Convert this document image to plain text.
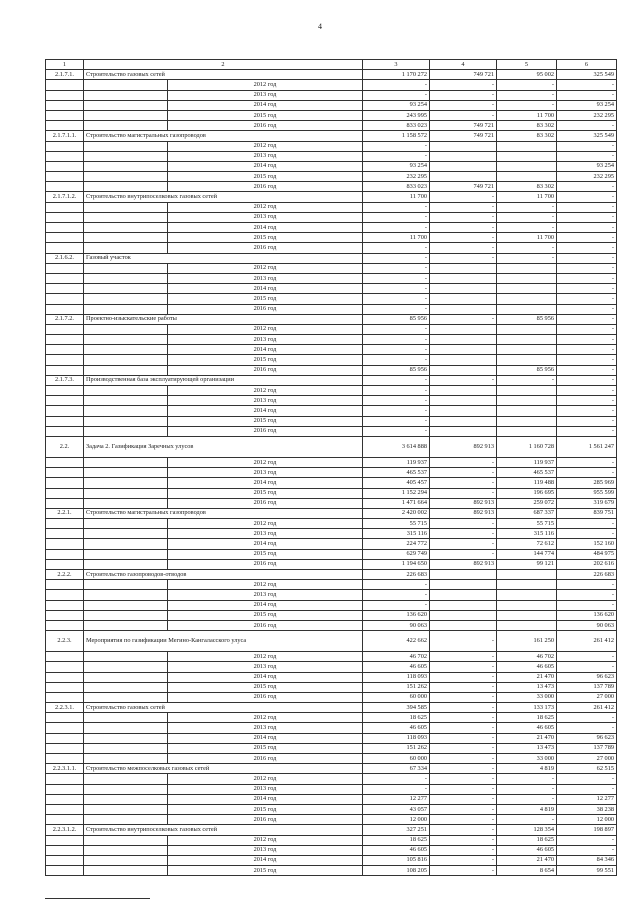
4
1	2		3	4	5	6
2.1.7.1.	Строительство газовых сетей		1 170 272	749 721	95 002	325 549
		2012 год	-	-	-	-
		2013 год	-	-	-	-
		2014 год	93 254	-	-	93 254
		2015 год	243 995	-	11 700	232 295
		2016 год	833 023	749 721	83 302	-
2.1.7.1.1.	Строительство магистральных газопроводов		1 158 572	749 721	83 302	325 549
		2012 год	-			-
		2013 год	-			-
		2014 год	93 254			93 254
		2015 год	232 295			232 295
		2016 год	833 023	749 721	83 302	-
2.1.7.1.2.	Строительство внутрипоселковых газовых сетей		11 700	-	11 700	-
		2012 год	-	-	-	-
		2013 год	-	-	-	-
		2014 год	-	-	-	-
		2015 год	11 700	-	11 700	-
		2016 год	-	-	-	-
2.1.6.2.	Газовый участок		-	-	-	-
		2012 год	-			-
		2013 год	-			-
		2014 год	-			-
		2015 год	-			-
		2016 год	-			-
2.1.7.2.	Проектно-изыскательские работы		85 956	-	85 956	-
		2012 год	-			-
		2013 год	-			-
		2014 год	-			-
		2015 год	-			-
		2016 год	85 956		85 956	-
2.1.7.3.	Производственная база эксплуатирующей организации		-	-	-	-
		2012 год	-			-
		2013 год	-			-
		2014 год	-			-
		2015 год	-			-
		2016 год	-			-
2.2.	Задача 2. Газификация Заречных улусов		3 614 888	892 913	1 160 728	1 561 247
		2012 год	119 937	-	119 937	-
		2013 год	465 537	-	465 537	-
		2014 год	405 457	-	119 488	285 969
		2015 год	1 152 294	-	196 695	955 599
		2016 год	1 471 664	892 913	259 072	319 679
2.2.1.	Строительство магистральных газопроводов		2 420 002	892 913	687 337	839 751
		2012 год	55 715	-	55 715	-
		2013 год	315 116	-	315 116	-
		2014 год	224 772	-	72 612	152 160
		2015 год	629 749	-	144 774	484 975
		2016 год	1 194 650	892 913	99 121	202 616
2.2.2.	Строительство газопроводов-отводов		226 683			226 683
		2012 год	-			-
		2013 год	-			-
		2014 год	-			-
		2015 год	136 620			136 620
		2016 год	90 063			90 063
2.2.3.	Мероприятия по газификации Мегино-Кангаласского улуса		422 662	-	161 250	261 412
		2012 год	46 702	-	46 702	-
		2013 год	46 605	-	46 605	-
		2014 год	118 093	-	21 470	96 623
		2015 год	151 262	-	13 473	137 789
		2016 год	60 000	-	33 000	27 000
2.2.3.1.	Строительство газовых сетей		394 585	-	133 173	261 412
		2012 год	18 625	-	18 625	-
		2013 год	46 605	-	46 605	-
		2014 год	118 093	-	21 470	96 623
		2015 год	151 262	-	13 473	137 789
		2016 год	60 000	-	33 000	27 000
2.2.3.1.1.	Строительство межпоселковых газовых сетей		67 334	-	4 819	62 515
		2012 год	-	-	-	-
		2013 год	-	-	-	-
		2014 год	12 277	-	-	12 277
		2015 год	43 057	-	4 819	38 238
		2016 год	12 000	-	-	12 000
2.2.3.1.2.	Строительство внутрипоселковых газовых сетей		327 251	-	128 354	198 897
		2012 год	18 625	-	18 625	-
		2013 год	46 605	-	46 605	-
		2014 год	105 816	-	21 470	84 346
		2015 год	108 205	-	8 654	99 551
